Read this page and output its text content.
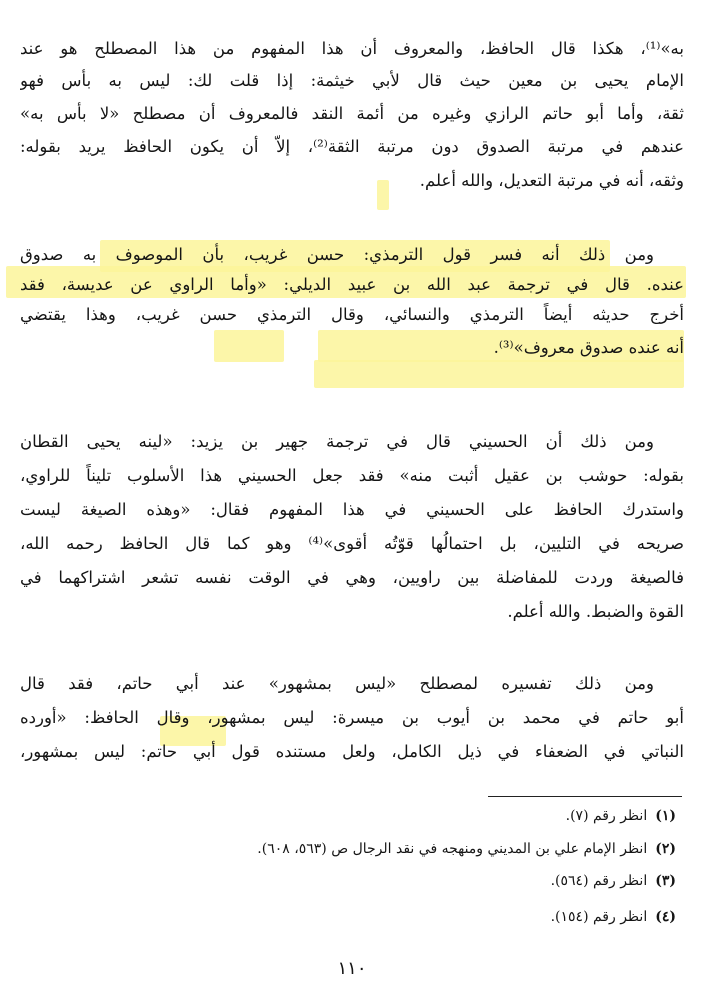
به»⁽¹⁾، هكذا قال الحافظ، والمعروف أن هذا المفهوم من هذا المصطلح هو عند
الإمام يحيى بن معين حيث قال لأبي خيثمة: إذا قلت لك: ليس به بأس فهو
ثقة، وأما أبو حاتم الرازي وغيره من أئمة النقد فالمعروف أن مصطلح «لا بأس به»
عندهم في مرتبة الصدوق دون مرتبة الثقة⁽²⁾، إلاّ أن يكون الحافظ يريد بقوله:
وثقه، أنه في مرتبة التعديل، والله أعلم.
ومن ذلك أنه فسر قول الترمذي: حسن غريب، بأن الموصوف به صدوق
عنده. قال في ترجمة عبد الله بن عبيد الديلي: «وأما الراوي عن عديسة، فقد
أخرج حديثه أيضاً الترمذي والنسائي، وقال الترمذي حسن غريب، وهذا يقتضي
أنه عنده صدوق معروف»⁽³⁾.
ومن ذلك أن الحسيني قال في ترجمة جهير بن يزيد: «لينه يحيى القطان
بقوله: حوشب بن عقيل أثبت منه» فقد جعل الحسيني هذا الأسلوب تليناً للراوي،
واستدرك الحافظ على الحسيني في هذا المفهوم فقال: «وهذه الصيغة ليست
صريحه في التليين، بل احتمالُها قوّتُه أقوى»⁽⁴⁾ وهو كما قال الحافظ رحمه الله،
فالصيغة وردت للمفاضلة بين راويين، وهي في الوقت نفسه تشعر اشتراكهما في
القوة والضبط. والله أعلم.
ومن ذلك تفسيره لمصطلح «ليس بمشهور» عند أبي حاتم، فقد قال
أبو حاتم في محمد بن أيوب بن ميسرة: ليس بمشهور، وقال الحافظ: «أورده
النباتي في الضعفاء في ذيل الكامل، ولعل مستنده قول أبي حاتم: ليس بمشهور،
(١)انظر رقم (٧).
(٢)انظر الإمام علي بن المديني ومنهجه في نقد الرجال ص (٥٦٣، ٦٠٨).
(٣)انظر رقم (٥٦٤).
(٤)انظر رقم (١٥٤).
١١٠
